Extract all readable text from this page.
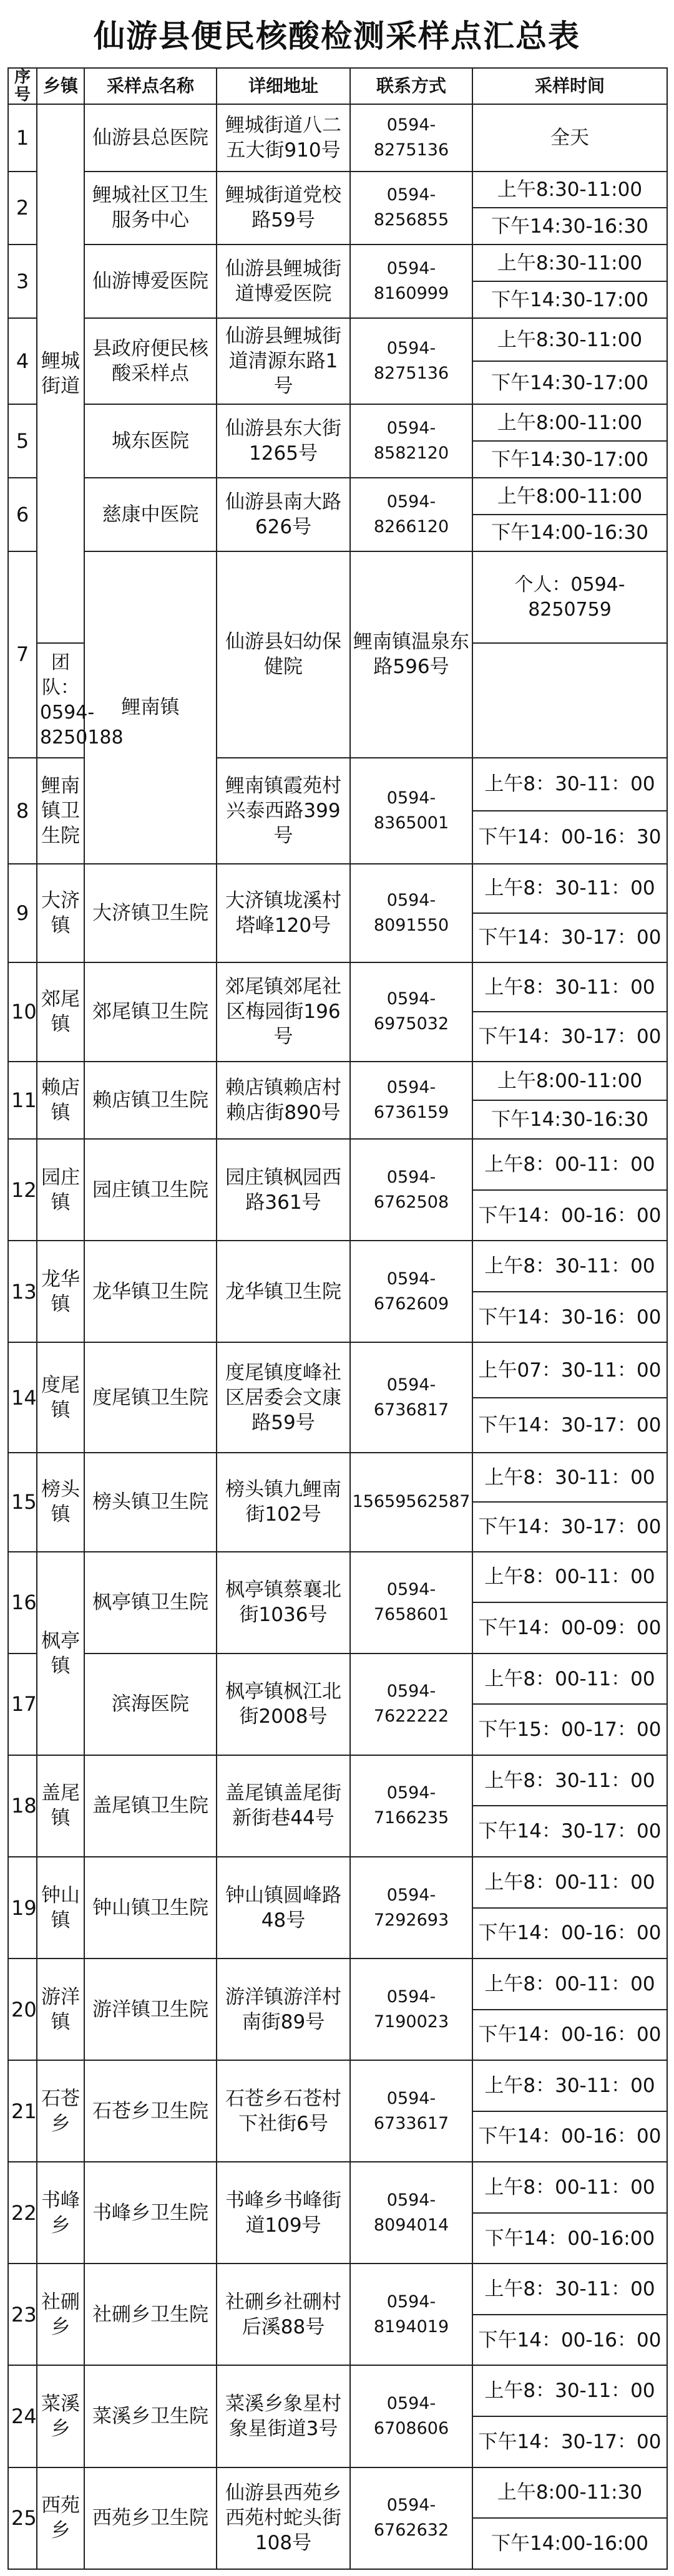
仙游县便民核酸检测采样点汇总表
序号	乡镇	采样点名称	详细地址	联系方式	采样时间	
1	鲤城街道	仙游县总医院	鲤城街道八二五大街910号	0594-8275136	全天	
2		鲤城社区卫生服务中心	鲤城街道党校路59号	0594-8256855	上午8:30-11:00	
					下午14:30-16:30	
3		仙游博爱医院	仙游县鲤城街道博爱医院	0594-8160999	上午8:30-11:00	
					下午14:30-17:00	
4		县政府便民核酸采样点	仙游县鲤城街道清源东路1号	0594-8275136	上午8:30-11:00	
					下午14:30-17:00	
5		城东医院	仙游县东大街1265号	0594-8582120	上午8:00-11:00	
					下午14:30-17:00	
6		慈康中医院	仙游县南大路626号	0594-8266120	上午8:00-11:00	
					下午14:00-16:30	
7		鲤南镇	仙游县妇幼保健院	鲤南镇温泉东路596号	个人：0594-8250759	
	团队：0594-8250188					
8	鲤南镇卫生院		鲤南镇霞苑村兴泰西路399号	0594-8365001	上午8：30-11：00	
					下午14：00-16：30	
9	大济镇	大济镇卫生院	大济镇垅溪村塔峰120号	0594-8091550	上午8：30-11：00	
					下午14：30-17：00	
10	郊尾镇	郊尾镇卫生院	郊尾镇郊尾社区梅园街196号	0594-6975032	上午8：30-11：00	
					下午14：30-17：00	
11	赖店镇	赖店镇卫生院	赖店镇赖店村赖店街890号	0594-6736159	上午8:00-11:00	
					下午14:30-16:30	
12	园庄镇	园庄镇卫生院	园庄镇枫园西路361号	0594-6762508	上午8：00-11：00	
					下午14：00-16：00	
13	龙华镇	龙华镇卫生院	龙华镇卫生院	0594-6762609	上午8：30-11：00	
					下午14：30-16：00	
14	度尾镇	度尾镇卫生院	度尾镇度峰社区居委会文康路59号	0594-6736817	上午07：30-11：00	
					下午14：30-17：00	
15	榜头镇	榜头镇卫生院	榜头镇九鲤南街102号	15659562587	上午8：30-11：00	
					下午14：30-17：00	
16	枫亭镇	枫亭镇卫生院	枫亭镇蔡襄北街1036号	0594-7658601	上午8：00-11：00	
					下午14：00-09：00	
17		滨海医院	枫亭镇枫江北街2008号	0594-7622222	上午8：00-11：00	
					下午15：00-17：00	
18	盖尾镇	盖尾镇卫生院	盖尾镇盖尾街新街巷44号	0594-7166235	上午8：30-11：00	
					下午14：30-17：00	
19	钟山镇	钟山镇卫生院	钟山镇圆峰路48号	0594-7292693	上午8：00-11：00	
					下午14：00-16：00	
20	游洋镇	游洋镇卫生院	游洋镇游洋村南街89号	0594-7190023	上午8：00-11：00	
					下午14：00-16：00	
21	石苍乡	石苍乡卫生院	石苍乡石苍村下社街6号	0594-6733617	上午8：30-11：00	
					下午14：00-16：00	
22	书峰乡	书峰乡卫生院	书峰乡书峰街道109号	0594-8094014	上午8：00-11：00	
					下午14：00-16:00	
23	社硎乡	社硎乡卫生院	社硎乡社硎村后溪88号	0594-8194019	上午8：30-11：00	
					下午14：00-16：00	
24	菜溪乡	菜溪乡卫生院	菜溪乡象星村象星街道3号	0594-6708606	上午8：30-11：00	
					下午14：30-17：00	
25	西苑乡	西苑乡卫生院	仙游县西苑乡西苑村蛇头街108号	0594-6762632	上午8:00-11:30	
					下午14:00-16:00	
